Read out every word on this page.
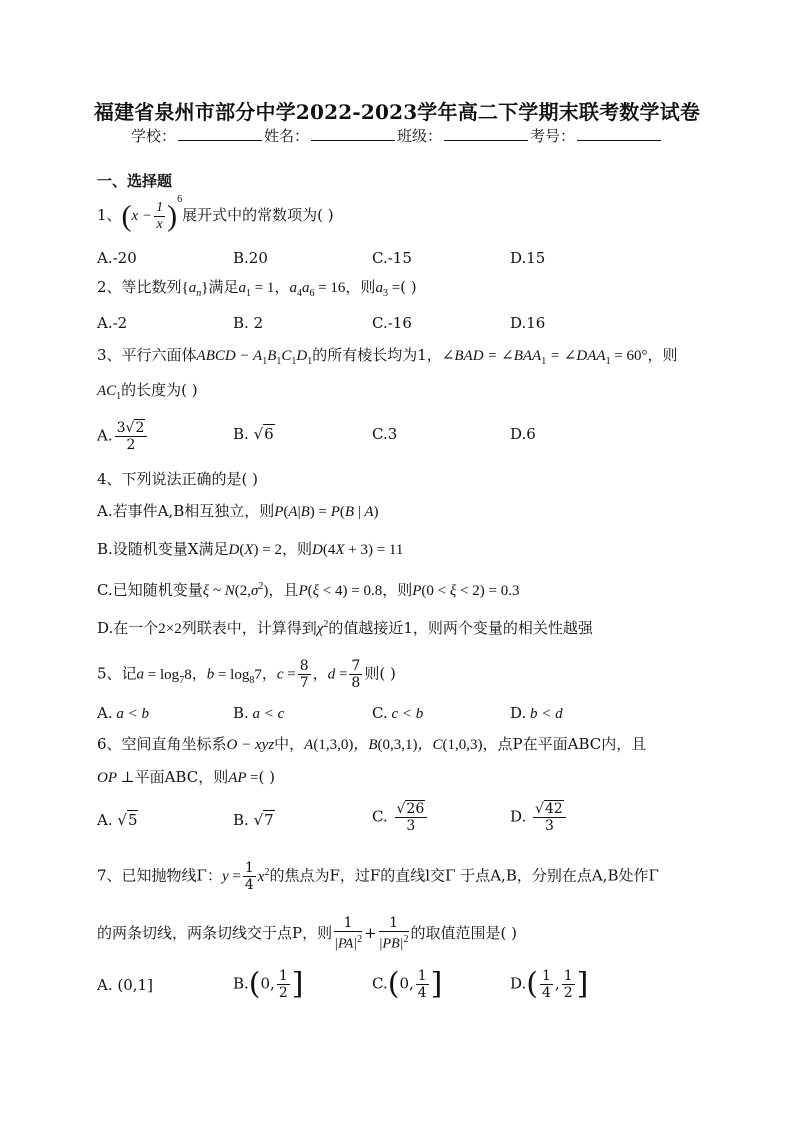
福建省泉州市部分中学2022-2023学年高二下学期末联考数学试卷
学校：	姓名：	班级：	考号：
一、选择题
1、$(x - \frac{1}{x} )^6$展开式中的常数项为( )
A.-20	B.20	C.-15	D.15
2、等比数列$\{a_n\}$满足$a_1 = 1$，$a_4a_6 = 16$，则$a_3$ =( )
A.-2	B. 2	C.-16	D.16
3、平行六面体ABCD − $A_1B_1C_1D_1$的所有棱长均为1，∠BAD = $\angle BAA_1$ = $\angle DAA_1 = 60^\circ$，则
$AC_1$的长度为( )
A. $\frac{3√2}{2}$	B. √6	C.3	D.6
4、下列说法正确的是( )
A.若事件A,B相互独立，则P(A|B) = P(B | A)
B.设随机变量X满足D(X) = 2，则D(4X + 3) = 11
C.已知随机变量ξ ~ $N(2,\sigma^2)$，且P(ξ < 4) = 0.8，则P(0 < ξ < 2) = 0.3
D.在一个2×2列联表中，计算得到$\chi^2$的值越接近1，则两个变量的相关性越强
5、记$a = \log_78$，$b = \log_87$，$c = \frac{8}{7}$ ，$d = \frac{7}{8}$ 则( )
A. a < b	B. a < c	C. c < b	D. b < d
6、空间直角坐标系O − xyz中，A(1,3,0)，B(0,3,1)，C(1,0,3)，点P在平面ABC内，且
OP ⊥平面ABC，则AP =( )
A. √5	B. √7	C. $\frac{√26}{3}$	D. $\frac{√42}{3}$
7、已知抛物线Γ：$y = \frac{1}{4} x^2$的焦点为F，过F的直线l交Γ 于点A,B，分别在点A,B处作Γ
的两条切线，两条切线交于点P，则 $\frac{1}{|PA|^2} + \frac{1}{|PB|^2}$ 的取值范围是( )
A. (0,1]	B.(0, $\frac{1}{2}$ ]	C.(0, $\frac{1}{4}$ ]	$D.( \frac{1}{4}$ , $\frac{1}{2}$ ]
